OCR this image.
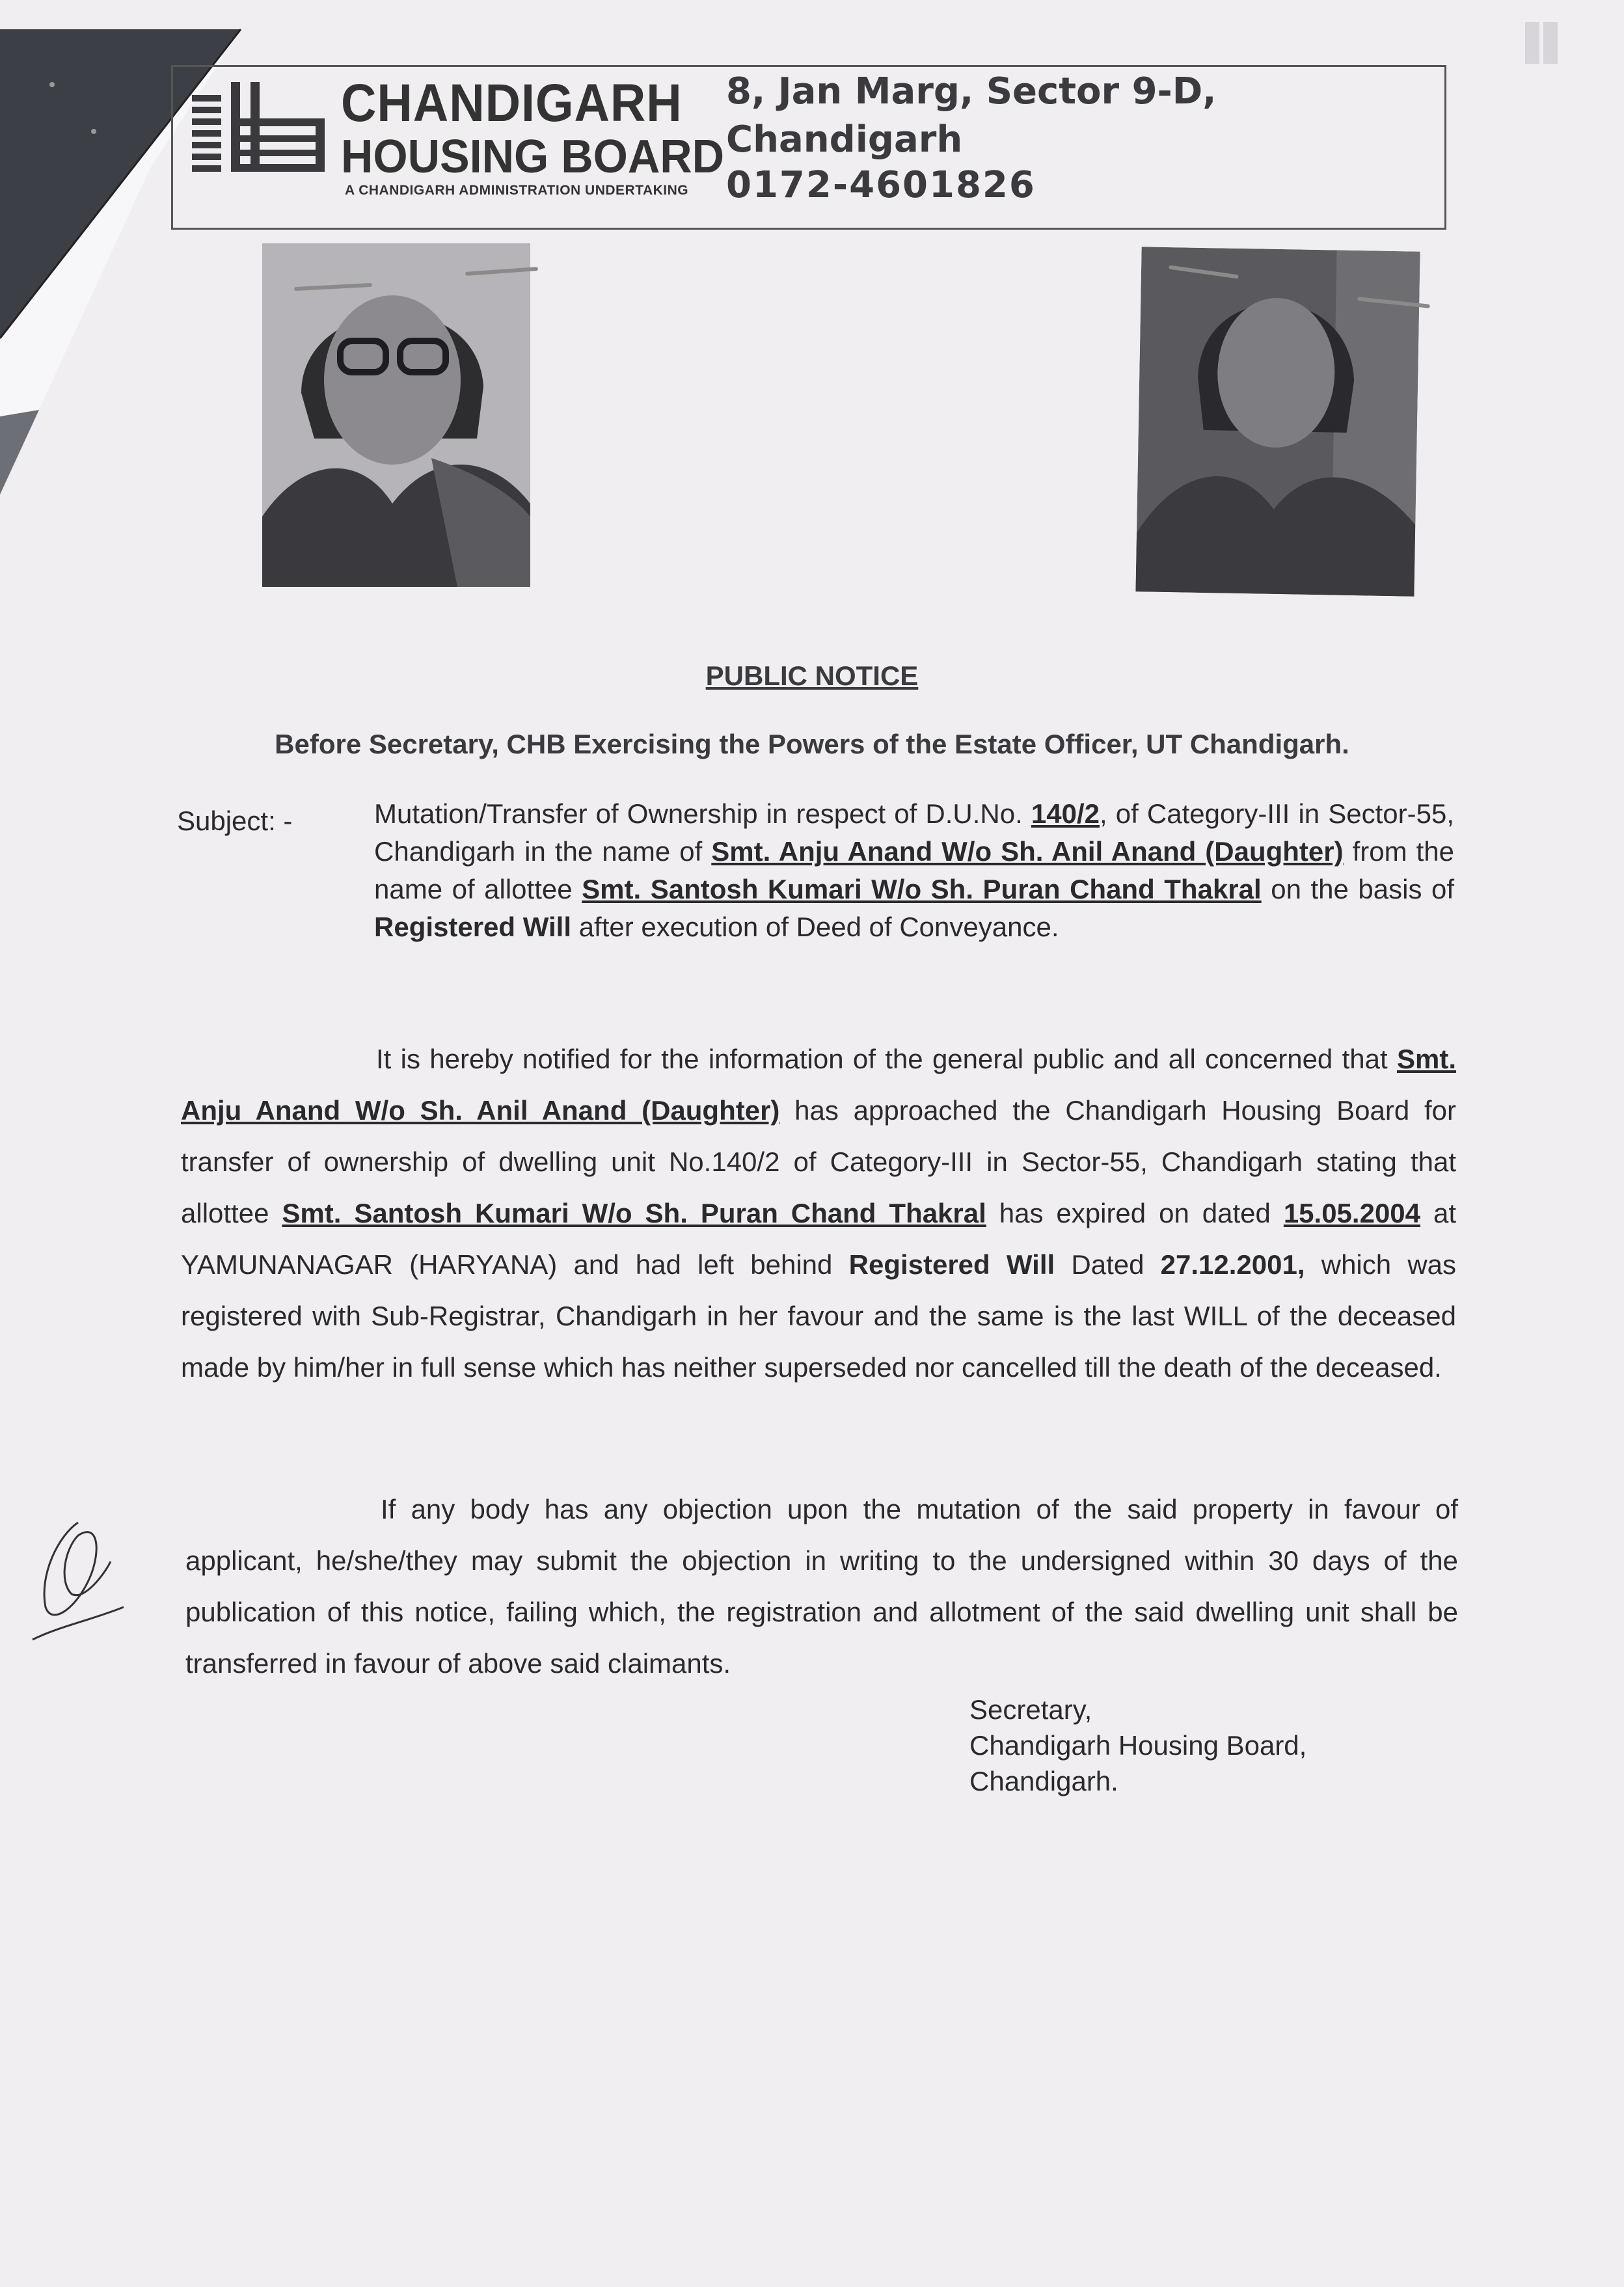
CHANDIGARH
HOUSING BOARD
A CHANDIGARH ADMINISTRATION UNDERTAKING
8, Jan Marg, Sector 9-D,
Chandigarh
0172-4601826
PUBLIC NOTICE
Before Secretary, CHB Exercising the Powers of the Estate Officer, UT Chandigarh.
Subject: -	Mutation/Transfer of Ownership in respect of D.U.No. 140/2, of Category-III in Sector-55, Chandigarh in the name of Smt. Anju Anand W/o Sh. Anil Anand (Daughter) from the name of allottee Smt. Santosh Kumari W/o Sh. Puran Chand Thakral on the basis of Registered Will after execution of Deed of Conveyance.
It is hereby notified for the information of the general public and all concerned that Smt. Anju Anand W/o Sh. Anil Anand (Daughter) has approached the Chandigarh Housing Board for transfer of ownership of dwelling unit No.140/2 of Category-III in Sector-55, Chandigarh stating that allottee Smt. Santosh Kumari W/o Sh. Puran Chand Thakral has expired on dated 15.05.2004 at YAMUNANAGAR (HARYANA) and had left behind Registered Will Dated 27.12.2001, which was registered with Sub-Registrar, Chandigarh in her favour and the same is the last WILL of the deceased made by him/her in full sense which has neither superseded nor cancelled till the death of the deceased.
If any body has any objection upon the mutation of the said property in favour of applicant, he/she/they may submit the objection in writing to the undersigned within 30 days of the publication of this notice, failing which, the registration and allotment of the said dwelling unit shall be transferred in favour of above said claimants.
Secretary,
Chandigarh Housing Board,
Chandigarh.
